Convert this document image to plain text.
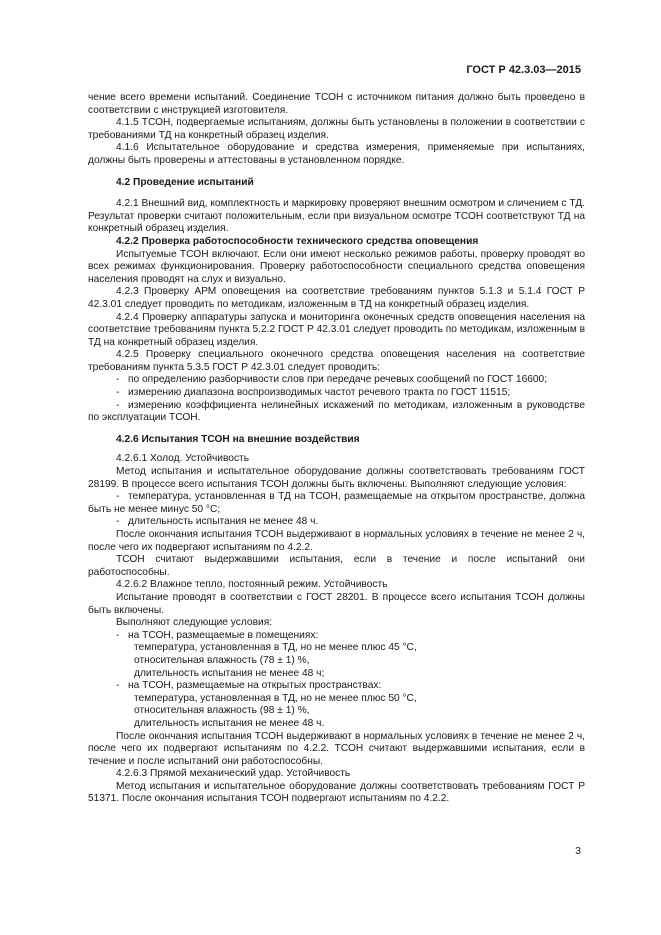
ГОСТ Р 42.3.03—2015

чение всего времени испытаний. Соединение ТСОН с источником питания должно быть проведено в соответствии с инструкцией изготовителя.

4.1.5 ТСОН, подвергаемые испытаниям, должны быть установлены в положении в соответствии с требованиями ТД на конкретный образец изделия.

4.1.6 Испытательное оборудование и средства измерения, применяемые при испытаниях, должны быть проверены и аттестованы в установленном порядке.

4.2 Проведение испытаний

4.2.1 Внешний вид, комплектность и маркировку проверяют внешним осмотром и сличением с ТД. Результат проверки считают положительным, если при визуальном осмотре ТСОН соответствуют ТД на конкретный образец изделия.

4.2.2 Проверка работоспособности технического средства оповещения

Испытуемые ТСОН включают. Если они имеют несколько режимов работы, проверку проводят во всех режимах функционирования. Проверку работоспособности специального средства оповещения населения проводят на слух и визуально.

4.2.3 Проверку АРМ оповещения на соответствие требованиям пунктов 5.1.3 и 5.1.4 ГОСТ Р 42.3.01 следует проводить по методикам, изложенным в ТД на конкретный образец изделия.

4.2.4 Проверку аппаратуры запуска и мониторинга оконечных средств оповещения населения на соответствие требованиям пункта 5.2.2 ГОСТ Р 42.3.01 следует проводить по методикам, изложенным в ТД на конкретный образец изделия.

4.2.5 Проверку специального оконечного средства оповещения населения на соответствие требованиям пункта 5.3.5 ГОСТ Р 42.3.01 следует проводить:

- по определению разборчивости слов при передаче речевых сообщений по ГОСТ 16600;

- измерению диапазона воспроизводимых частот речевого тракта по ГОСТ 11515;

- измерению коэффициента нелинейных искажений по методикам, изложенным в руководстве по эксплуатации ТСОН.

4.2.6 Испытания ТСОН на внешние воздействия

4.2.6.1 Холод. Устойчивость

Метод испытания и испытательное оборудование должны соответствовать требованиям ГОСТ 28199. В процессе всего испытания ТСОН должны быть включены. Выполняют следующие условия:

- температура, установленная в ТД на ТСОН, размещаемые на открытом пространстве, должна быть не менее минус 50 °С;

- длительность испытания не менее 48 ч.

После окончания испытания ТСОН выдерживают в нормальных условиях в течение не менее 2 ч, после чего их подвергают испытаниям по 4.2.2.

ТСОН считают выдержавшими испытания, если в течение и после испытаний они работоспособны.

4.2.6.2 Влажное тепло, постоянный режим. Устойчивость

Испытание проводят в соответствии с ГОСТ 28201. В процессе всего испытания ТСОН должны быть включены.

Выполняют следующие условия:

- на ТСОН, размещаемые в помещениях:

температура, установленная в ТД, но не менее плюс 45 °С,

относительная влажность (78 ± 1) %,

длительность испытания не менее 48 ч;

- на ТСОН, размещаемые на открытых пространствах:

температура, установленная в ТД, но не менее плюс 50 °С,

относительная влажность (98 ± 1) %,

длительность испытания не менее 48 ч.

После окончания испытания ТСОН выдерживают в нормальных условиях в течение не менее 2 ч, после чего их подвергают испытаниям по 4.2.2. ТСОН считают выдержавшими испытания, если в течение и после испытаний они работоспособны.

4.2.6.3 Прямой механический удар. Устойчивость

Метод испытания и испытательное оборудование должны соответствовать требованиям ГОСТ Р 51371. После окончания испытания ТСОН подвергают испытаниям по 4.2.2.

3
